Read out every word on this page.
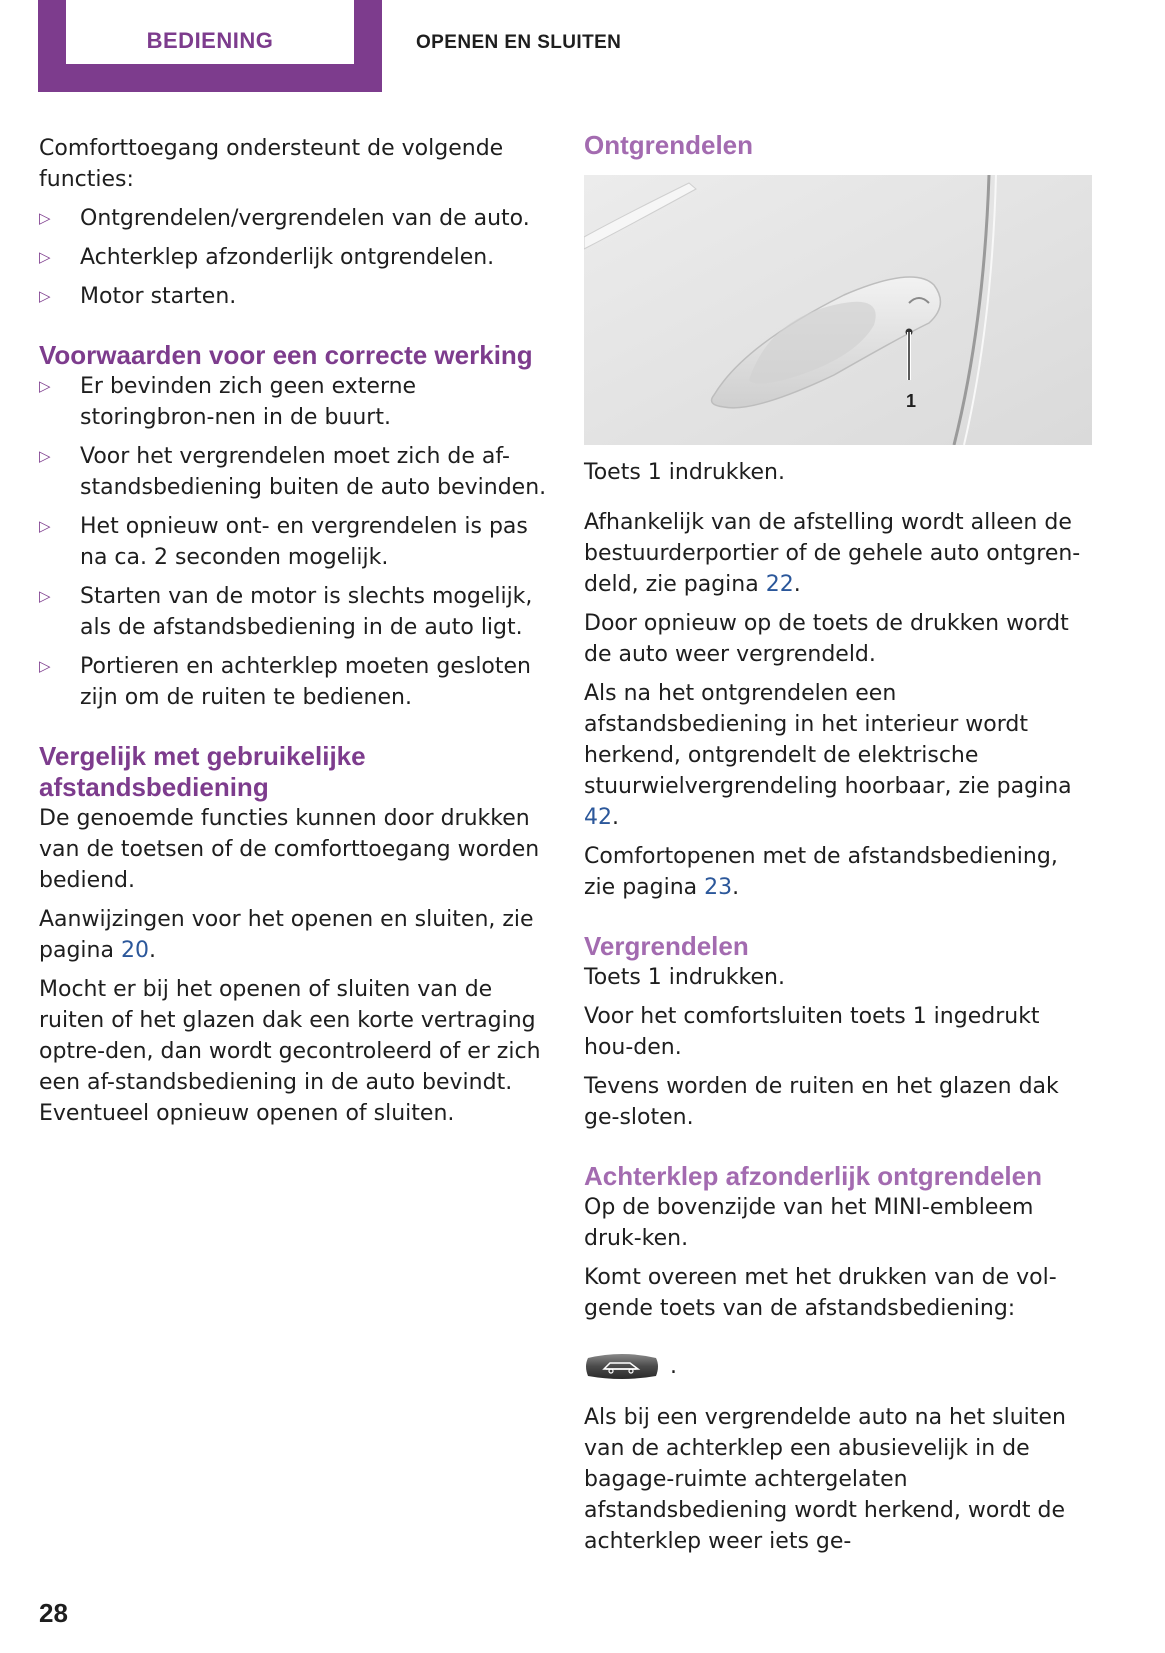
BEDIENING	OPENEN EN SLUITEN

Comforttoegang ondersteunt de volgende functies:

▷ Ontgrendelen/vergrendelen van de auto.
▷ Achterklep afzonderlijk ontgrendelen.
▷ Motor starten.
Voorwaarden voor een correcte werking
▷ Er bevinden zich geen externe storingbron-nen in de buurt.
▷ Voor het vergrendelen moet zich de af-standsbediening buiten de auto bevinden.
▷ Het opnieuw ont- en vergrendelen is pas na ca. 2 seconden mogelijk.
▷ Starten van de motor is slechts mogelijk, als de afstandsbediening in de auto ligt.
▷ Portieren en achterklep moeten gesloten zijn om de ruiten te bedienen.
Vergelijk met gebruikelijke afstandsbediening

De genoemde functies kunnen door drukken van de toetsen of de comforttoegang worden bediend.

Aanwijzingen voor het openen en sluiten, zie pagina 20.

Mocht er bij het openen of sluiten van de ruiten of het glazen dak een korte vertraging optre-den, dan wordt gecontroleerd of er zich een af-standsbediening in de auto bevindt. Eventueel opnieuw openen of sluiten.

Ontgrendelen
1

Toets 1 indrukken.

Afhankelijk van de afstelling wordt alleen de bestuurderportier of de gehele auto ontgren-deld, zie pagina 22.

Door opnieuw op de toets de drukken wordt de auto weer vergrendeld.

Als na het ontgrendelen een afstandsbediening in het interieur wordt herkend, ontgrendelt de elektrische stuurwielvergrendeling hoorbaar, zie pagina 42.

Comfortopenen met de afstandsbediening, zie pagina 23.

Vergrendelen

Toets 1 indrukken.

Voor het comfortsluiten toets 1 ingedrukt hou-den.

Tevens worden de ruiten en het glazen dak ge-sloten.

Achterklep afzonderlijk ontgrendelen

Op de bovenzijde van het MINI-embleem druk-ken.

Komt overeen met het drukken van de vol-gende toets van de afstandsbediening:

.

Als bij een vergrendelde auto na het sluiten van de achterklep een abusievelijk in de bagage-ruimte achtergelaten afstandsbediening wordt herkend, wordt de achterklep weer iets ge-

28
